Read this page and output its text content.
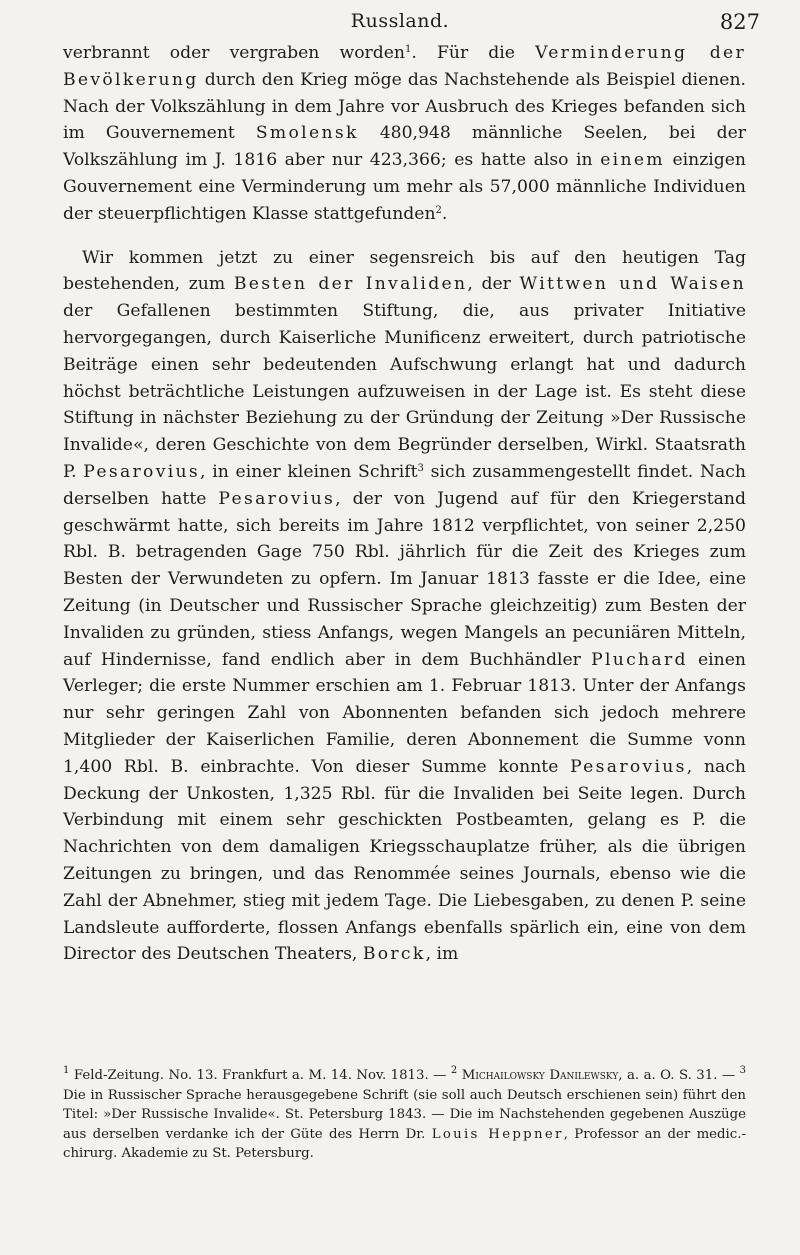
Russland.	827

verbrannt oder vergraben worden$^1$. Für die Verminderung der Bevölkerung durch den Krieg möge das Nachstehende als Beispiel dienen. Nach der Volkszählung in dem Jahre vor Ausbruch des Krieges befanden sich im Gouvernement Smolensk 480,948 männliche Seelen, bei der Volkszählung im J. 1816 aber nur 423,366; es hatte also in einem einzigen Gouvernement eine Verminderung um mehr als 57,000 männliche Individuen der steuerpflichtigen Klasse stattgefunden$^2$.

Wir kommen jetzt zu einer segensreich bis auf den heutigen Tag bestehenden, zum Besten der Invaliden, der Wittwen und Waisen der Gefallenen bestimmten Stiftung, die, aus privater Initiative hervorgegangen, durch Kaiserliche Munificenz erweitert, durch patriotische Beiträge einen sehr bedeutenden Aufschwung erlangt hat und dadurch höchst beträchtliche Leistungen aufzuweisen in der Lage ist. Es steht diese Stiftung in nächster Beziehung zu der Gründung der Zeitung »Der Russische Invalide«, deren Geschichte von dem Begründer derselben, Wirkl. Staatsrath P. Pesarovius, in einer kleinen Schrift$^3$ sich zusammengestellt findet. Nach derselben hatte Pesarovius, der von Jugend auf für den Kriegerstand geschwärmt hatte, sich bereits im Jahre 1812 verpflichtet, von seiner 2,250 Rbl. B. betragenden Gage 750 Rbl. jährlich für die Zeit des Krieges zum Besten der Verwundeten zu opfern. Im Januar 1813 fasste er die Idee, eine Zeitung (in Deutscher und Russischer Sprache gleichzeitig) zum Besten der Invaliden zu gründen, stiess Anfangs, wegen Mangels an pecuniären Mitteln, auf Hindernisse, fand endlich aber in dem Buchhändler Pluchard einen Verleger; die erste Nummer erschien am 1. Februar 1813. Unter der Anfangs nur sehr geringen Zahl von Abonnenten befanden sich jedoch mehrere Mitglieder der Kaiserlichen Familie, deren Abonnement die Summe vonn 1,400 Rbl. B. einbrachte. Von dieser Summe konnte Pesarovius, nach Deckung der Unkosten, 1,325 Rbl. für die Invaliden bei Seite legen. Durch Verbindung mit einem sehr geschickten Postbeamten, gelang es P. die Nachrichten von dem damaligen Kriegsschauplatze früher, als die übrigen Zeitungen zu bringen, und das Renommée seines Journals, ebenso wie die Zahl der Abnehmer, stieg mit jedem Tage. Die Liebesgaben, zu denen P. seine Landsleute aufforderte, flossen Anfangs ebenfalls spärlich ein, eine von dem Director des Deutschen Theaters, Borck, im

$^1$ Feld-Zeitung. No. 13. Frankfurt a. M. 14. Nov. 1813. — $^2$ Michailowsky Danilewsky, a. a. O. S. 31. — $^3$ Die in Russischer Sprache herausgegebene Schrift (sie soll auch Deutsch erschienen sein) führt den Titel: »Der Russische Invalide«. St. Petersburg 1843. — Die im Nachstehenden gegebenen Auszüge aus derselben verdanke ich der Güte des Herrn Dr. Louis Heppner, Professor an der medic.-chirurg. Akademie zu St. Petersburg.
